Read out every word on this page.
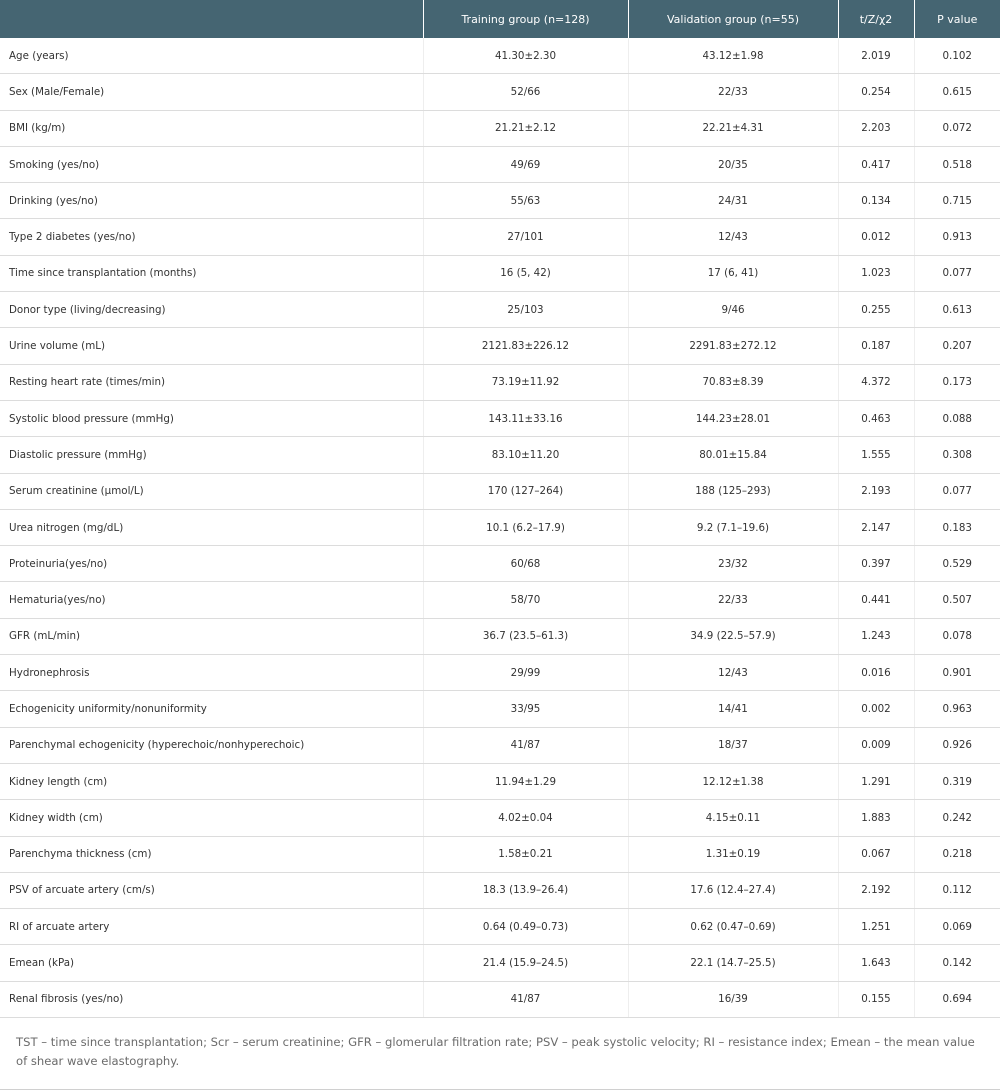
	Training group (n=128)	Validation group (n=55)	t/Z/χ2	P value
Age (years)	41.30±2.30	43.12±1.98	2.019	0.102
Sex (Male/Female)	52/66	22/33	0.254	0.615
BMI (kg/m)	21.21±2.12	22.21±4.31	2.203	0.072
Smoking (yes/no)	49/69	20/35	0.417	0.518
Drinking (yes/no)	55/63	24/31	0.134	0.715
Type 2 diabetes (yes/no)	27/101	12/43	0.012	0.913
Time since transplantation (months)	16 (5, 42)	17 (6, 41)	1.023	0.077
Donor type (living/decreasing)	25/103	9/46	0.255	0.613
Urine volume (mL)	2121.83±226.12	2291.83±272.12	0.187	0.207
Resting heart rate (times/min)	73.19±11.92	70.83±8.39	4.372	0.173
Systolic blood pressure (mmHg)	143.11±33.16	144.23±28.01	0.463	0.088
Diastolic pressure (mmHg)	83.10±11.20	80.01±15.84	1.555	0.308
Serum creatinine (μmol/L)	170 (127–264)	188 (125–293)	2.193	0.077
Urea nitrogen (mg/dL)	10.1 (6.2–17.9)	9.2 (7.1–19.6)	2.147	0.183
Proteinuria(yes/no)	60/68	23/32	0.397	0.529
Hematuria(yes/no)	58/70	22/33	0.441	0.507
GFR (mL/min)	36.7 (23.5–61.3)	34.9 (22.5–57.9)	1.243	0.078
Hydronephrosis	29/99	12/43	0.016	0.901
Echogenicity uniformity/nonuniformity	33/95	14/41	0.002	0.963
Parenchymal echogenicity (hyperechoic/nonhyperechoic)	41/87	18/37	0.009	0.926
Kidney length (cm)	11.94±1.29	12.12±1.38	1.291	0.319
Kidney width (cm)	4.02±0.04	4.15±0.11	1.883	0.242
Parenchyma thickness (cm)	1.58±0.21	1.31±0.19	0.067	0.218
PSV of arcuate artery (cm/s)	18.3 (13.9–26.4)	17.6 (12.4–27.4)	2.192	0.112
RI of arcuate artery	0.64 (0.49–0.73)	0.62 (0.47–0.69)	1.251	0.069
Emean (kPa)	21.4 (15.9–24.5)	22.1 (14.7–25.5)	1.643	0.142
Renal fibrosis (yes/no)	41/87	16/39	0.155	0.694
TST – time since transplantation; Scr – serum creatinine; GFR – glomerular filtration rate; PSV – peak systolic velocity; RI – resistance index; Emean – the mean value of shear wave elastography.
